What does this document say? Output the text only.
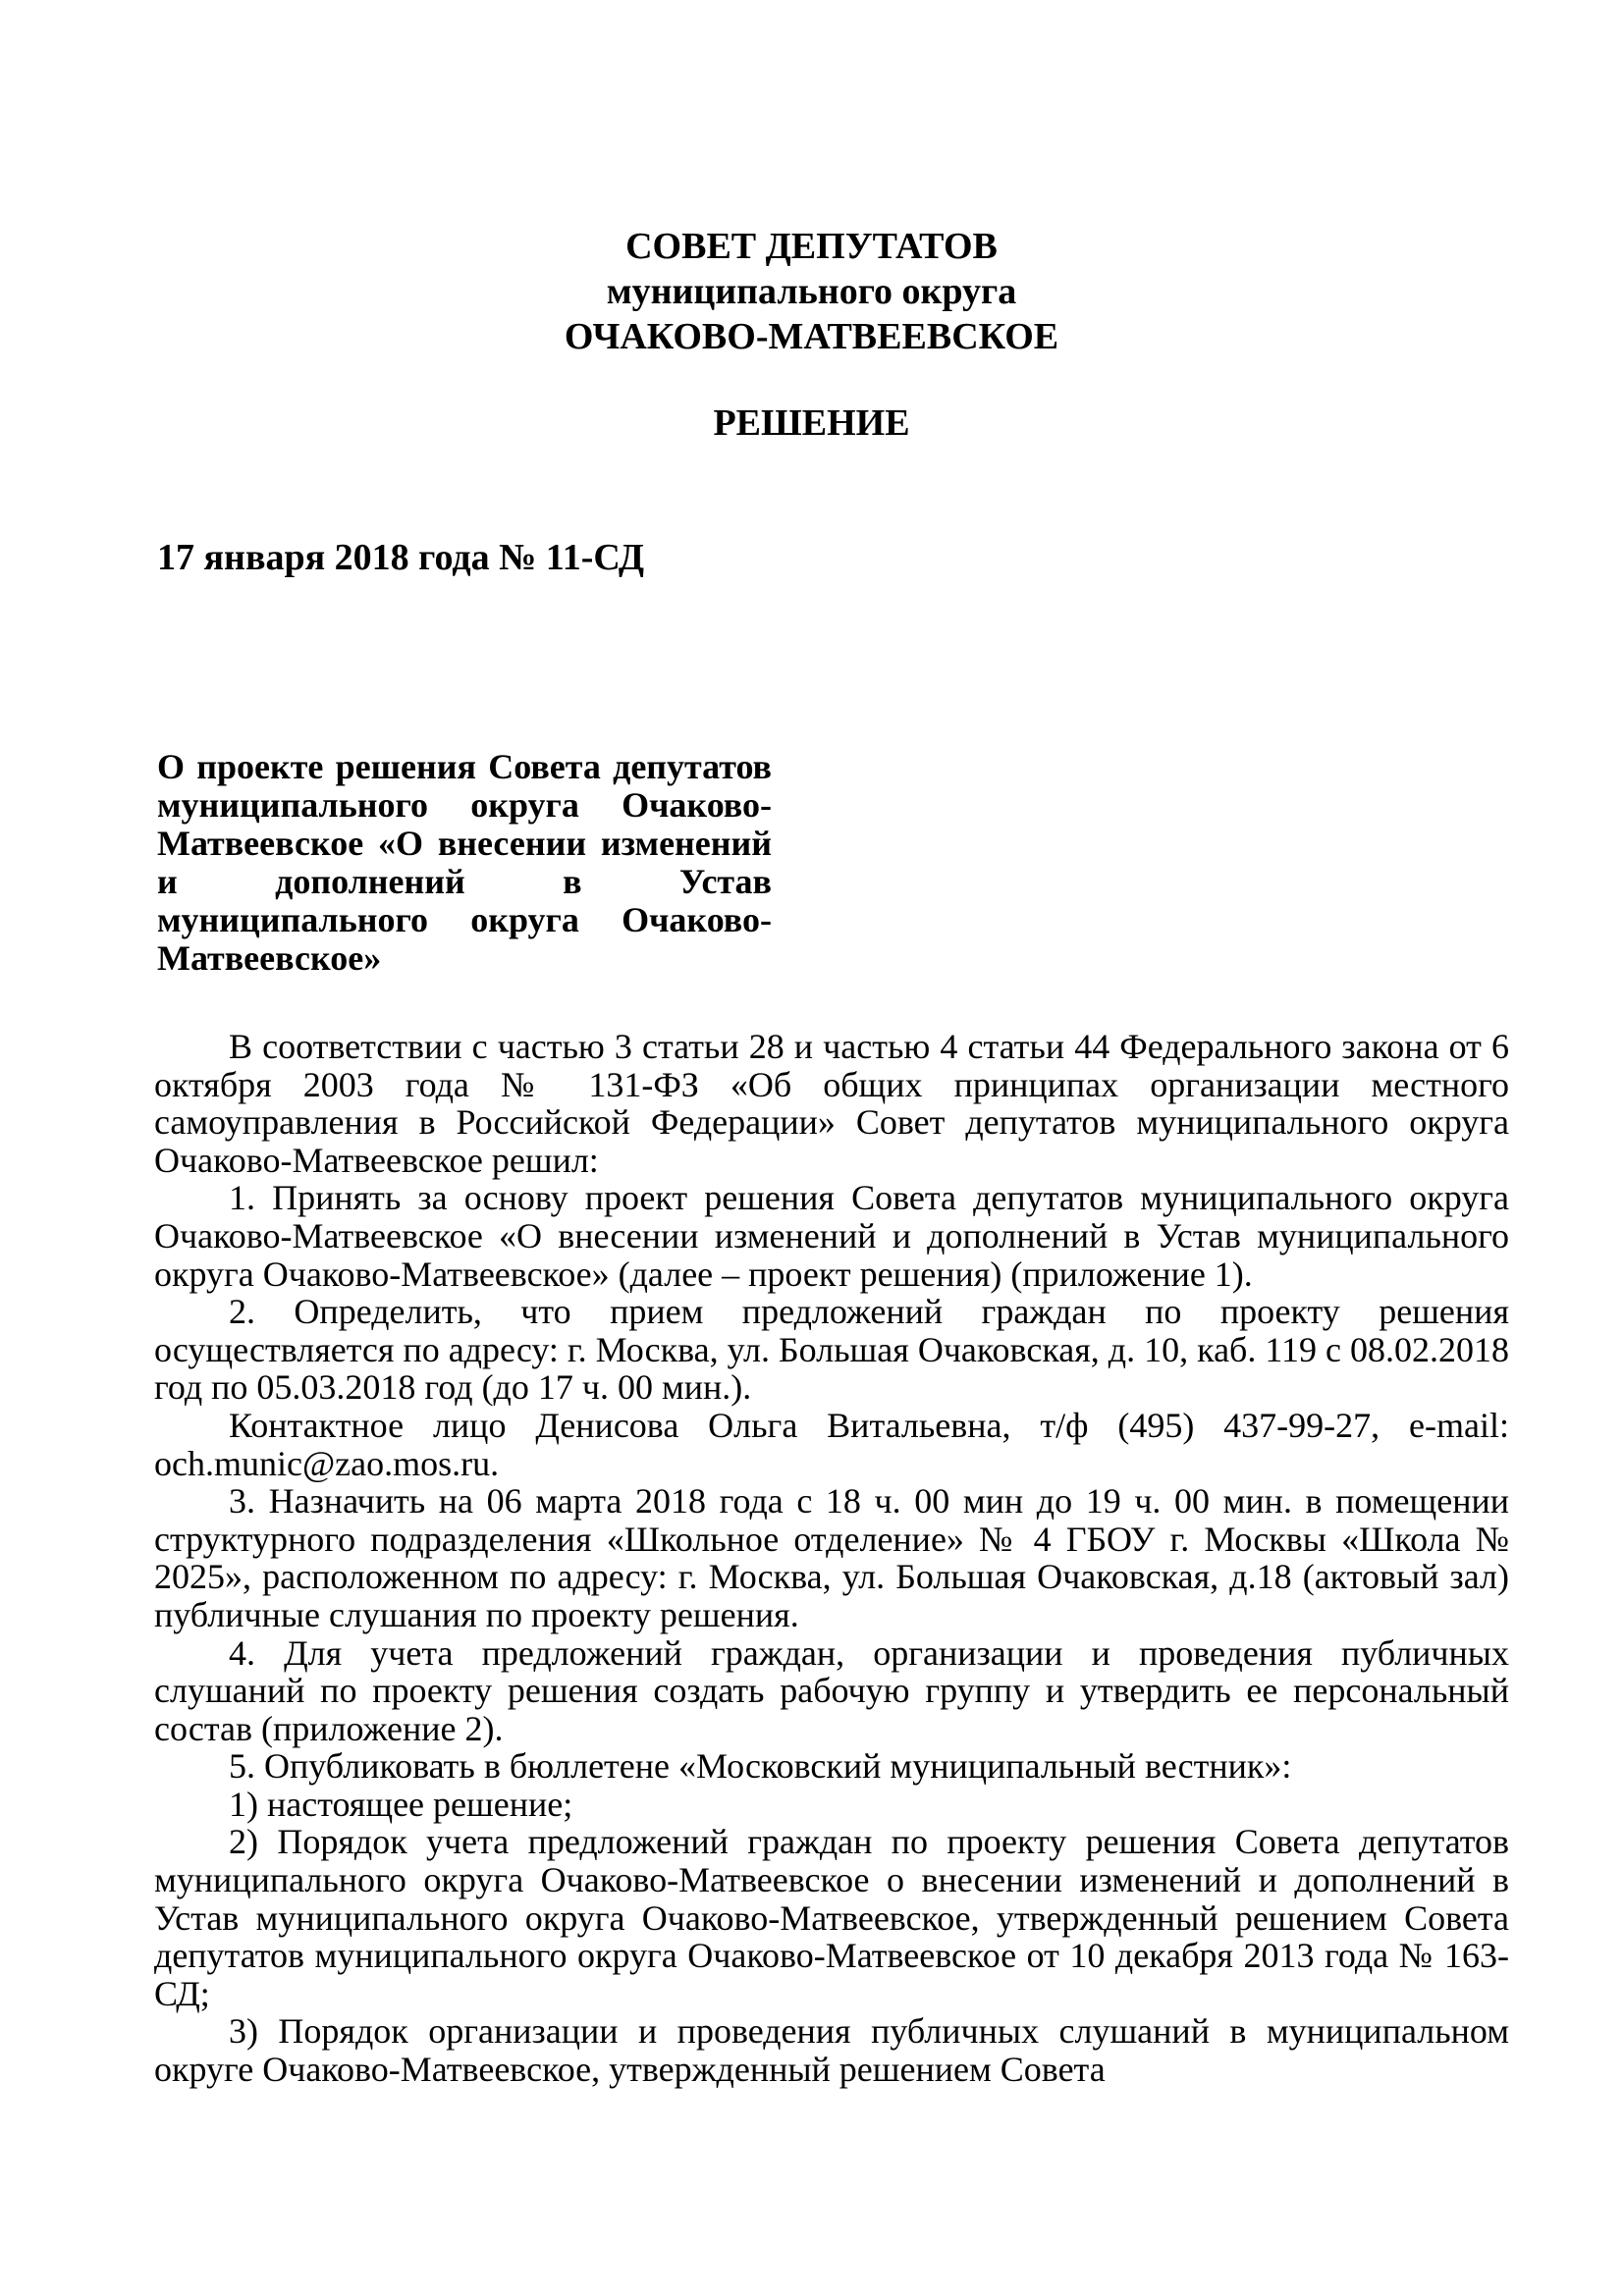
СОВЕТ ДЕПУТАТОВ
муниципального округа
ОЧАКОВО-МАТВЕЕВСКОЕ
РЕШЕНИЕ
17 января 2018 года № 11-СД
О проекте решения Совета депутатов муниципального округа Очаково-Матвеевское «О внесении изменений и дополнений в Устав муниципального округа Очаково-Матвеевское»

В соответствии с частью 3 статьи 28 и частью 4 статьи 44 Федерального закона от 6 октября 2003 года № 131-ФЗ «Об общих принципах организации местного самоуправления в Российской Федерации» Совет депутатов муниципального округа Очаково-Матвеевское решил:

1. Принять за основу проект решения Совета депутатов муниципального округа Очаково-Матвеевское «О внесении изменений и дополнений в Устав муниципального округа Очаково-Матвеевское» (далее – проект решения) (приложение 1).

2. Определить, что прием предложений граждан по проекту решения осуществляется по адресу: г. Москва, ул. Большая Очаковская, д. 10, каб. 119 с 08.02.2018 год по 05.03.2018 год (до 17 ч. 00 мин.).

Контактное лицо Денисова Ольга Витальевна, т/ф (495) 437-99-27, e-mail: och.munic@zao.mos.ru.

3. Назначить на 06 марта 2018 года с 18 ч. 00 мин до 19 ч. 00 мин. в помещении структурного подразделения «Школьное отделение» № 4 ГБОУ г. Москвы «Школа № 2025», расположенном по адресу: г. Москва, ул. Большая Очаковская, д.18 (актовый зал) публичные слушания по проекту решения.

4. Для учета предложений граждан, организации и проведения публичных слушаний по проекту решения создать рабочую группу и утвердить ее персональный состав (приложение 2).

5. Опубликовать в бюллетене «Московский муниципальный вестник»:

1) настоящее решение;

2) Порядок учета предложений граждан по проекту решения Совета депутатов муниципального округа Очаково-Матвеевское о внесении изменений и дополнений в Устав муниципального округа Очаково-Матвеевское, утвержденный решением Совета депутатов муниципального округа Очаково-Матвеевское от 10 декабря 2013 года № 163-СД;

3) Порядок организации и проведения публичных слушаний в муниципальном округе Очаково-Матвеевское, утвержденный решением Совета
